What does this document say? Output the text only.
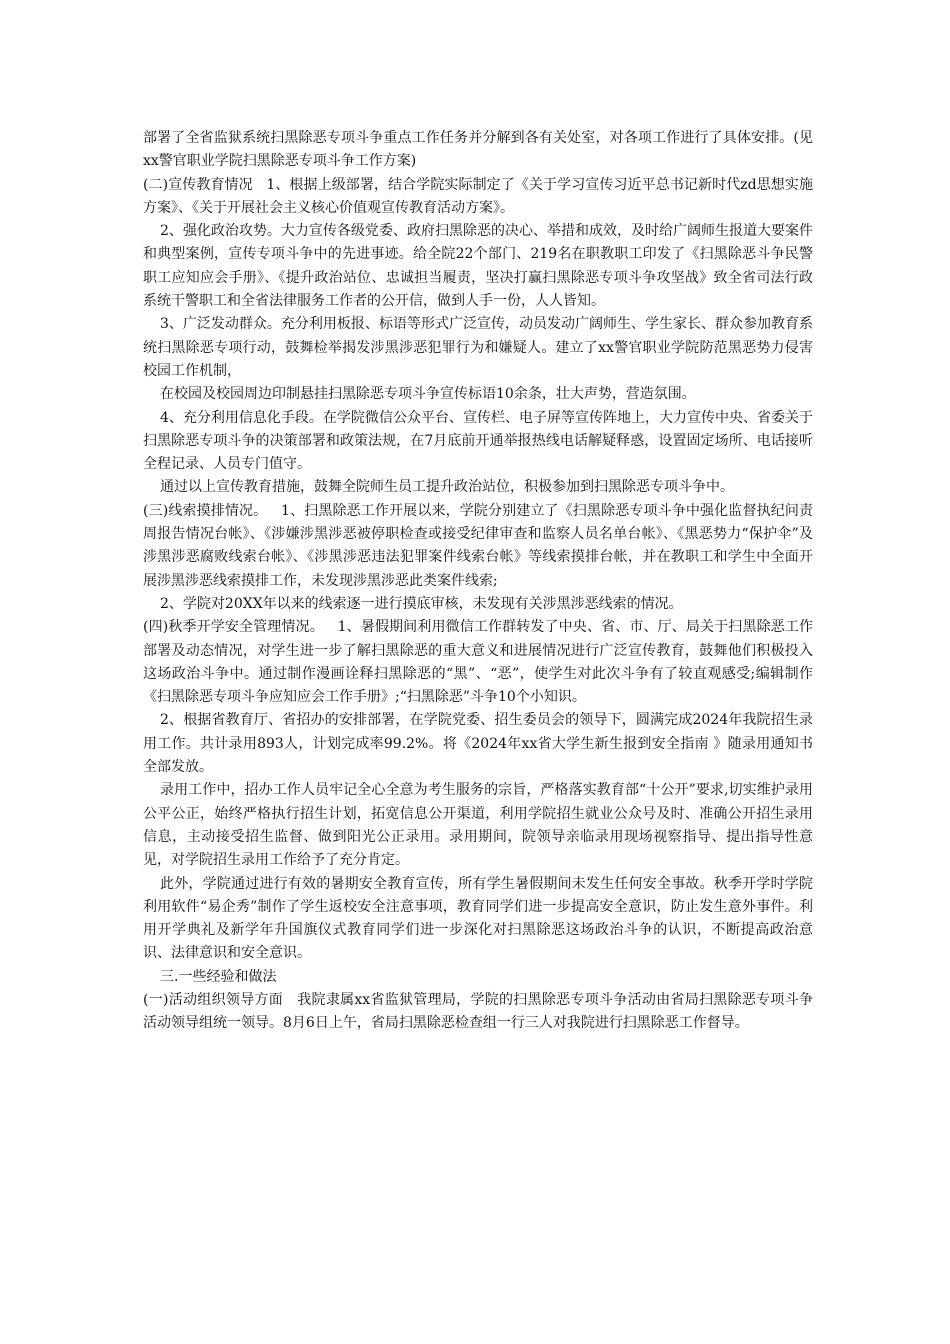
部署了全省监狱系统扫黑除恶专项斗争重点工作任务并分解到各有关处室，对各项工作进行了具体安排。(见xx警官职业学院扫黑除恶专项斗争工作方案)

(二)宣传教育情况   1、根据上级部署，结合学院实际制定了《关于学习宣传习近平总书记新时代zd思想实施方案》、《关于开展社会主义核心价值观宣传教育活动方案》。

2、强化政治攻势。大力宣传各级党委、政府扫黑除恶的决心、举措和成效，及时给广阔师生报道大要案件和典型案例，宣传专项斗争中的先进事迹。给全院22个部门、219名在职教职工印发了《扫黑除恶斗争民警职工应知应会手册》、《提升政治站位、忠诚担当履责，坚决打赢扫黑除恶专项斗争攻坚战》致全省司法行政系统干警职工和全省法律服务工作者的公开信，做到人手一份，人人皆知。

3、广泛发动群众。充分利用板报、标语等形式广泛宣传，动员发动广阔师生、学生家长、群众参加教育系统扫黑除恶专项行动，鼓舞检举揭发涉黑涉恶犯罪行为和嫌疑人。建立了xx警官职业学院防范黑恶势力侵害校园工作机制，

在校园及校园周边印制悬挂扫黑除恶专项斗争宣传标语10余条，壮大声势，营造氛围。

4、充分利用信息化手段。在学院微信公众平台、宣传栏、电子屏等宣传阵地上，大力宣传中央、省委关于扫黑除恶专项斗争的决策部署和政策法规，在7月底前开通举报热线电话解疑释惑，设置固定场所、电话接听全程记录、人员专门值守。

通过以上宣传教育措施，鼓舞全院师生员工提升政治站位，积极参加到扫黑除恶专项斗争中。

(三)线索摸排情况。   1、扫黑除恶工作开展以来，学院分别建立了《扫黑除恶专项斗争中强化监督执纪问责周报告情况台帐》、《涉嫌涉黑涉恶被停职检查或接受纪律审查和监察人员名单台帐》、《黑恶势力“保护伞”及涉黑涉恶腐败线索台帐》、《涉黑涉恶违法犯罪案件线索台帐》等线索摸排台帐，并在教职工和学生中全面开展涉黑涉恶线索摸排工作，未发现涉黑涉恶此类案件线索;

2、学院对20XX年以来的线索逐一进行摸底审核，未发现有关涉黑涉恶线索的情况。

(四)秋季开学安全管理情况。   1、暑假期间利用微信工作群转发了中央、省、市、厅、局关于扫黑除恶工作部署及动态情况，对学生进一步了解扫黑除恶的重大意义和进展情况进行广泛宣传教育，鼓舞他们积极投入这场政治斗争中。通过制作漫画诠释扫黑除恶的“黑”、“恶”，使学生对此次斗争有了较直观感受;编辑制作《扫黑除恶专项斗争应知应会工作手册》;“扫黑除恶”斗争10个小知识。

2、根据省教育厅、省招办的安排部署，在学院党委、招生委员会的领导下，圆满完成2024年我院招生录用工作。共计录用893人，计划完成率99.2%。将《2024年xx省大学生新生报到安全指南 》随录用通知书全部发放。

录用工作中，招办工作人员牢记全心全意为考生服务的宗旨，严格落实教育部“十公开”要求,切实维护录用公平公正，始终严格执行招生计划，拓宽信息公开渠道，利用学院招生就业公众号及时、准确公开招生录用信息，主动接受招生监督、做到阳光公正录用。录用期间，院领导亲临录用现场视察指导、提出指导性意见，对学院招生录用工作给予了充分肯定。

此外，学院通过进行有效的暑期安全教育宣传，所有学生暑假期间未发生任何安全事故。秋季开学时学院利用软件“易企秀”制作了学生返校安全注意事项，教育同学们进一步提高安全意识，防止发生意外事件。利用开学典礼及新学年升国旗仪式教育同学们进一步深化对扫黑除恶这场政治斗争的认识，不断提高政治意识、法律意识和安全意识。

三.一些经验和做法

(一)活动组织领导方面   我院隶属xx省监狱管理局，学院的扫黑除恶专项斗争活动由省局扫黑除恶专项斗争活动领导组统一领导。8月6日上午，省局扫黑除恶检查组一行三人对我院进行扫黑除恶工作督导。
